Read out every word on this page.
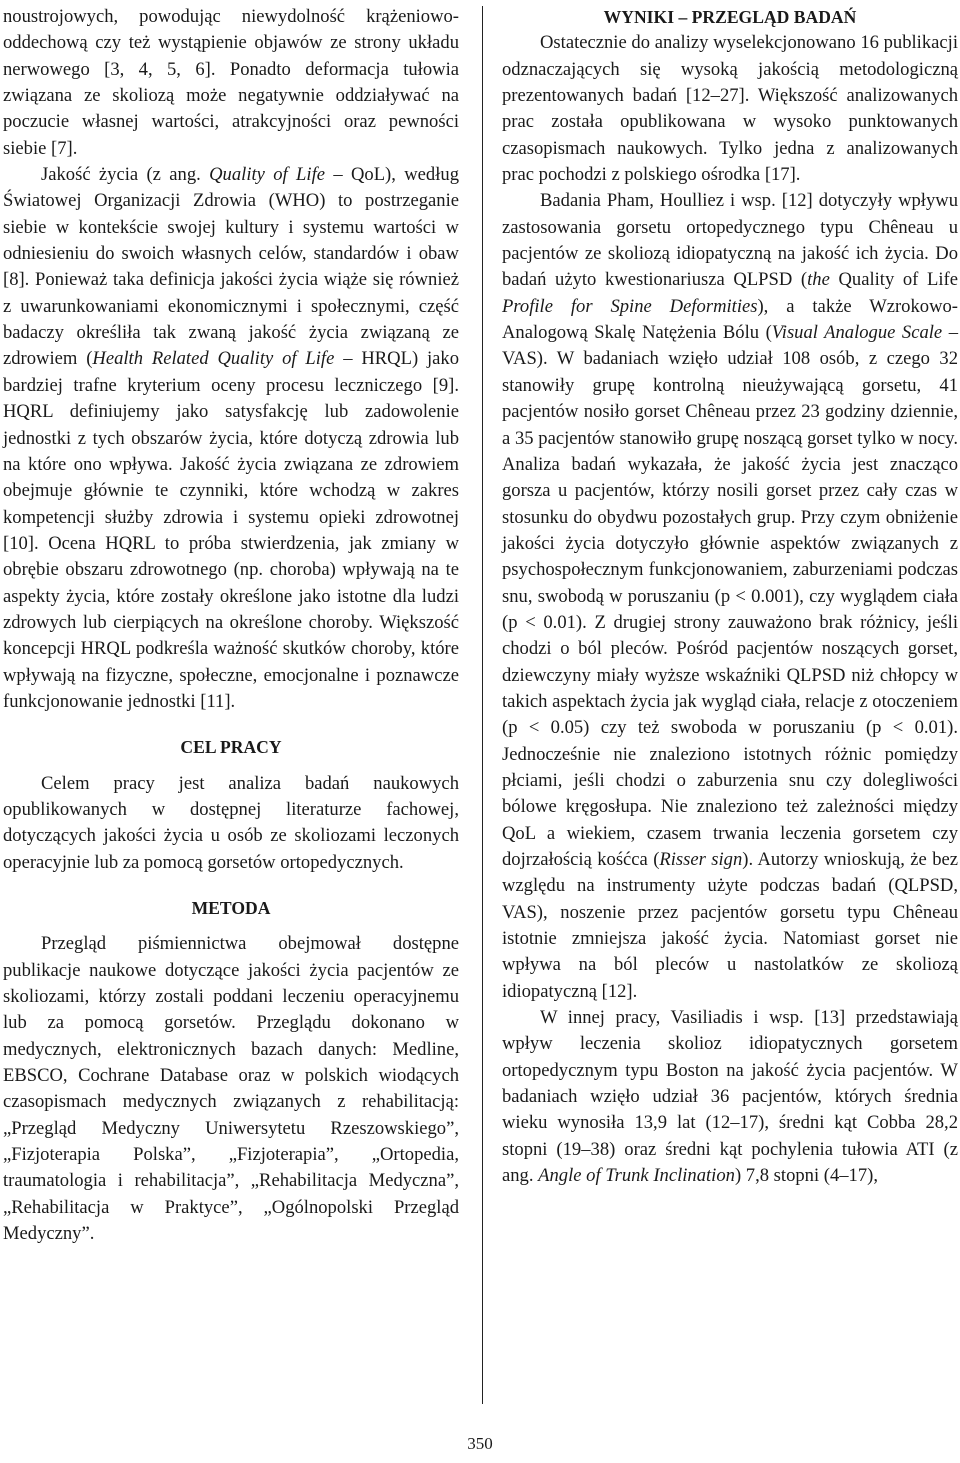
noustrojowych, powodując niewydolność krążeniowo-oddechową czy też wystąpienie objawów ze strony układu nerwowego [3, 4, 5, 6]. Ponadto deformacja tułowia związana ze skoliozą może negatywnie oddziaływać na poczucie własnej wartości, atrakcyjności oraz pewności siebie [7].

Jakość życia (z ang. Quality of Life – QoL), według Światowej Organizacji Zdrowia (WHO) to postrzeganie siebie w kontekście swojej kultury i systemu wartości w odniesieniu do swoich własnych celów, standardów i obaw [8]. Ponieważ taka definicja jakości życia wiąże się również z uwarunkowaniami ekonomicznymi i społecznymi, część badaczy określiła tak zwaną jakość życia związaną ze zdrowiem (Health Related Quality of Life – HRQL) jako bardziej trafne kryterium oceny procesu leczniczego [9]. HQRL definiujemy jako satysfakcję lub zadowolenie jednostki z tych obszarów życia, które dotyczą zdrowia lub na które ono wpływa. Jakość życia związana ze zdrowiem obejmuje głównie te czynniki, które wchodzą w zakres kompetencji służby zdrowia i systemu opieki zdrowotnej [10]. Ocena HQRL to próba stwierdzenia, jak zmiany w obrębie obszaru zdrowotnego (np. choroba) wpływają na te aspekty życia, które zostały określone jako istotne dla ludzi zdrowych lub cierpiących na określone choroby. Większość koncepcji HRQL podkreśla ważność skutków choroby, które wpływają na fizyczne, społeczne, emocjonalne i poznawcze funkcjonowanie jednostki [11].

CEL PRACY

Celem pracy jest analiza badań naukowych opublikowanych w dostępnej literaturze fachowej, dotyczących jakości życia u osób ze skoliozami leczonych operacyjnie lub za pomocą gorsetów ortopedycznych.

METODA

Przegląd piśmiennictwa obejmował dostępne publikacje naukowe dotyczące jakości życia pacjentów ze skoliozami, którzy zostali poddani leczeniu operacyjnemu lub za pomocą gorsetów. Przeglądu dokonano w medycznych, elektronicznych bazach danych: Medline, EBSCO, Cochrane Database oraz w polskich wiodących czasopismach medycznych związanych z rehabilitacją: „Przegląd Medyczny Uniwersytetu Rzeszowskiego”, „Fizjoterapia Polska”, „Fizjoterapia”, „Ortopedia, traumatologia i rehabilitacja”, „Rehabilitacja Medyczna”, „Rehabilitacja w Praktyce”, „Ogólnopolski Przegląd Medyczny”.

WYNIKI – PRZEGLĄD BADAŃ

Ostatecznie do analizy wyselekcjonowano 16 publikacji odznaczających się wysoką jakością metodologiczną prezentowanych badań [12–27]. Większość analizowanych prac została opublikowana w wysoko punktowanych czasopismach naukowych. Tylko jedna z analizowanych prac pochodzi z polskiego ośrodka [17].

Badania Pham, Houlliez i wsp. [12] dotyczyły wpływu zastosowania gorsetu ortopedycznego typu Chêneau u pacjentów ze skoliozą idiopatyczną na jakość ich życia. Do badań użyto kwestionariusza QLPSD (the Quality of Life Profile for Spine Deformities), a także Wzrokowo-Analogową Skalę Natężenia Bólu (Visual Analogue Scale – VAS). W badaniach wzięło udział 108 osób, z czego 32 stanowiły grupę kontrolną nieużywającą gorsetu, 41 pacjentów nosiło gorset Chêneau przez 23 godziny dziennie, a 35 pacjentów stanowiło grupę noszącą gorset tylko w nocy. Analiza badań wykazała, że jakość życia jest znacząco gorsza u pacjentów, którzy nosili gorset przez cały czas w stosunku do obydwu pozostałych grup. Przy czym obniżenie jakości życia dotyczyło głównie aspektów związanych z psychospołecznym funkcjonowaniem, zaburzeniami podczas snu, swobodą w poruszaniu (p < 0.001), czy wyglądem ciała (p < 0.01). Z drugiej strony zauważono brak różnicy, jeśli chodzi o ból pleców. Pośród pacjentów noszących gorset, dziewczyny miały wyższe wskaźniki QLPSD niż chłopcy w takich aspektach życia jak wygląd ciała, relacje z otoczeniem (p < 0.05) czy też swoboda w poruszaniu (p < 0.01). Jednocześnie nie znaleziono istotnych różnic pomiędzy płciami, jeśli chodzi o zaburzenia snu czy dolegliwości bólowe kręgosłupa. Nie znaleziono też zależności między QoL a wiekiem, czasem trwania leczenia gorsetem czy dojrzałością kośćca (Risser sign). Autorzy wnioskują, że bez względu na instrumenty użyte podczas badań (QLPSD, VAS), noszenie przez pacjentów gorsetu typu Chêneau istotnie zmniejsza jakość życia. Natomiast gorset nie wpływa na ból pleców u nastolatków ze skoliozą idiopatyczną [12].

W innej pracy, Vasiliadis i wsp. [13] przedstawiają wpływ leczenia skolioz idiopatycznych gorsetem ortopedycznym typu Boston na jakość życia pacjentów. W badaniach wzięło udział 36 pacjentów, których średnia wieku wynosiła 13,9 lat (12–17), średni kąt Cobba 28,2 stopni (19–38) oraz średni kąt pochylenia tułowia ATI (z ang. Angle of Trunk Inclination) 7,8 stopni (4–17),

350
